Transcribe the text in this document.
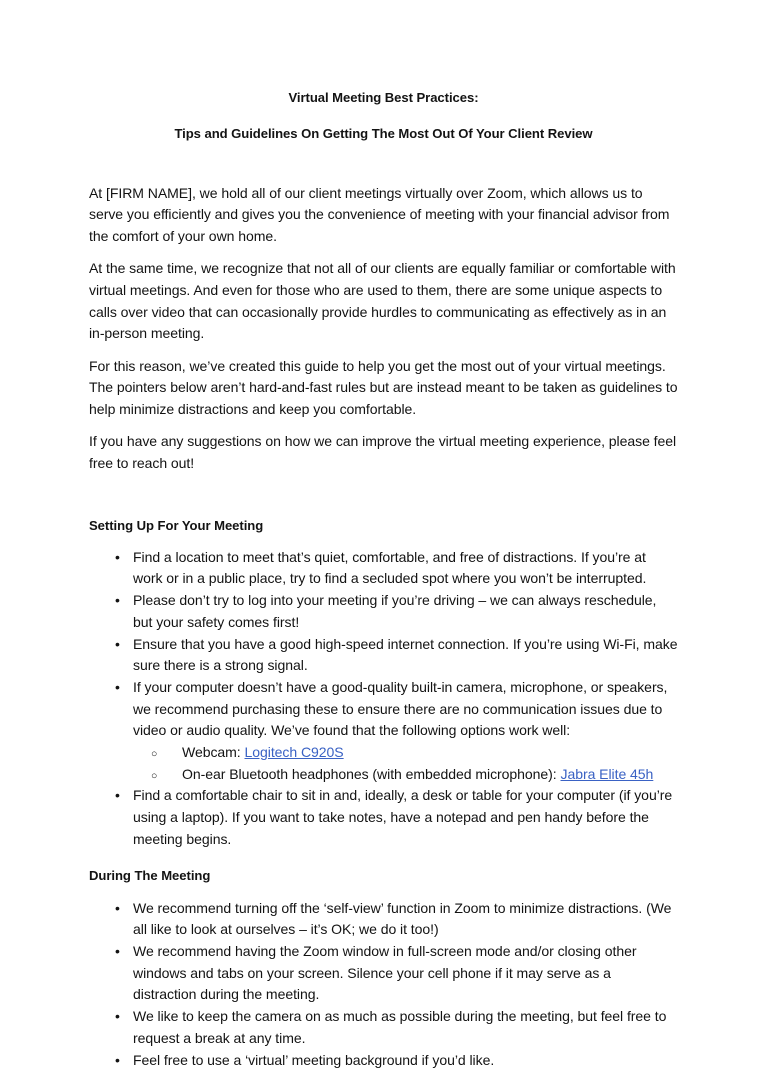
Virtual Meeting Best Practices:
Tips and Guidelines On Getting The Most Out Of Your Client Review

At [FIRM NAME], we hold all of our client meetings virtually over Zoom, which allows us to serve you efficiently and gives you the convenience of meeting with your financial advisor from the comfort of your own home.

At the same time, we recognize that not all of our clients are equally familiar or comfortable with virtual meetings. And even for those who are used to them, there are some unique aspects to calls over video that can occasionally provide hurdles to communicating as effectively as in an in-person meeting.

For this reason, we’ve created this guide to help you get the most out of your virtual meetings. The pointers below aren’t hard-and-fast rules but are instead meant to be taken as guidelines to help minimize distractions and keep you comfortable.

If you have any suggestions on how we can improve the virtual meeting experience, please feel free to reach out!

Setting Up For Your Meeting
•
Find a location to meet that’s quiet, comfortable, and free of distractions. If you’re at work or in a public place, try to find a secluded spot where you won’t be interrupted.
•
Please don’t try to log into your meeting if you’re driving – we can always reschedule, but your safety comes first!
•
Ensure that you have a good high-speed internet connection. If you’re using Wi-Fi, make sure there is a strong signal.
•
If your computer doesn’t have a good-quality built-in camera, microphone, or speakers, we recommend purchasing these to ensure there are no communication issues due to video or audio quality. We’ve found that the following options work well:
○
Webcam: Logitech C920S
○
On-ear Bluetooth headphones (with embedded microphone): Jabra Elite 45h
•
Find a comfortable chair to sit in and, ideally, a desk or table for your computer (if you’re using a laptop). If you want to take notes, have a notepad and pen handy before the meeting begins.
During The Meeting
•
We recommend turning off the ‘self-view’ function in Zoom to minimize distractions. (We all like to look at ourselves – it’s OK; we do it too!)
•
We recommend having the Zoom window in full-screen mode and/or closing other windows and tabs on your screen. Silence your cell phone if it may serve as a distraction during the meeting.
•
We like to keep the camera on as much as possible during the meeting, but feel free to request a break at any time.
•
Feel free to use a ‘virtual’ meeting background if you’d like.
